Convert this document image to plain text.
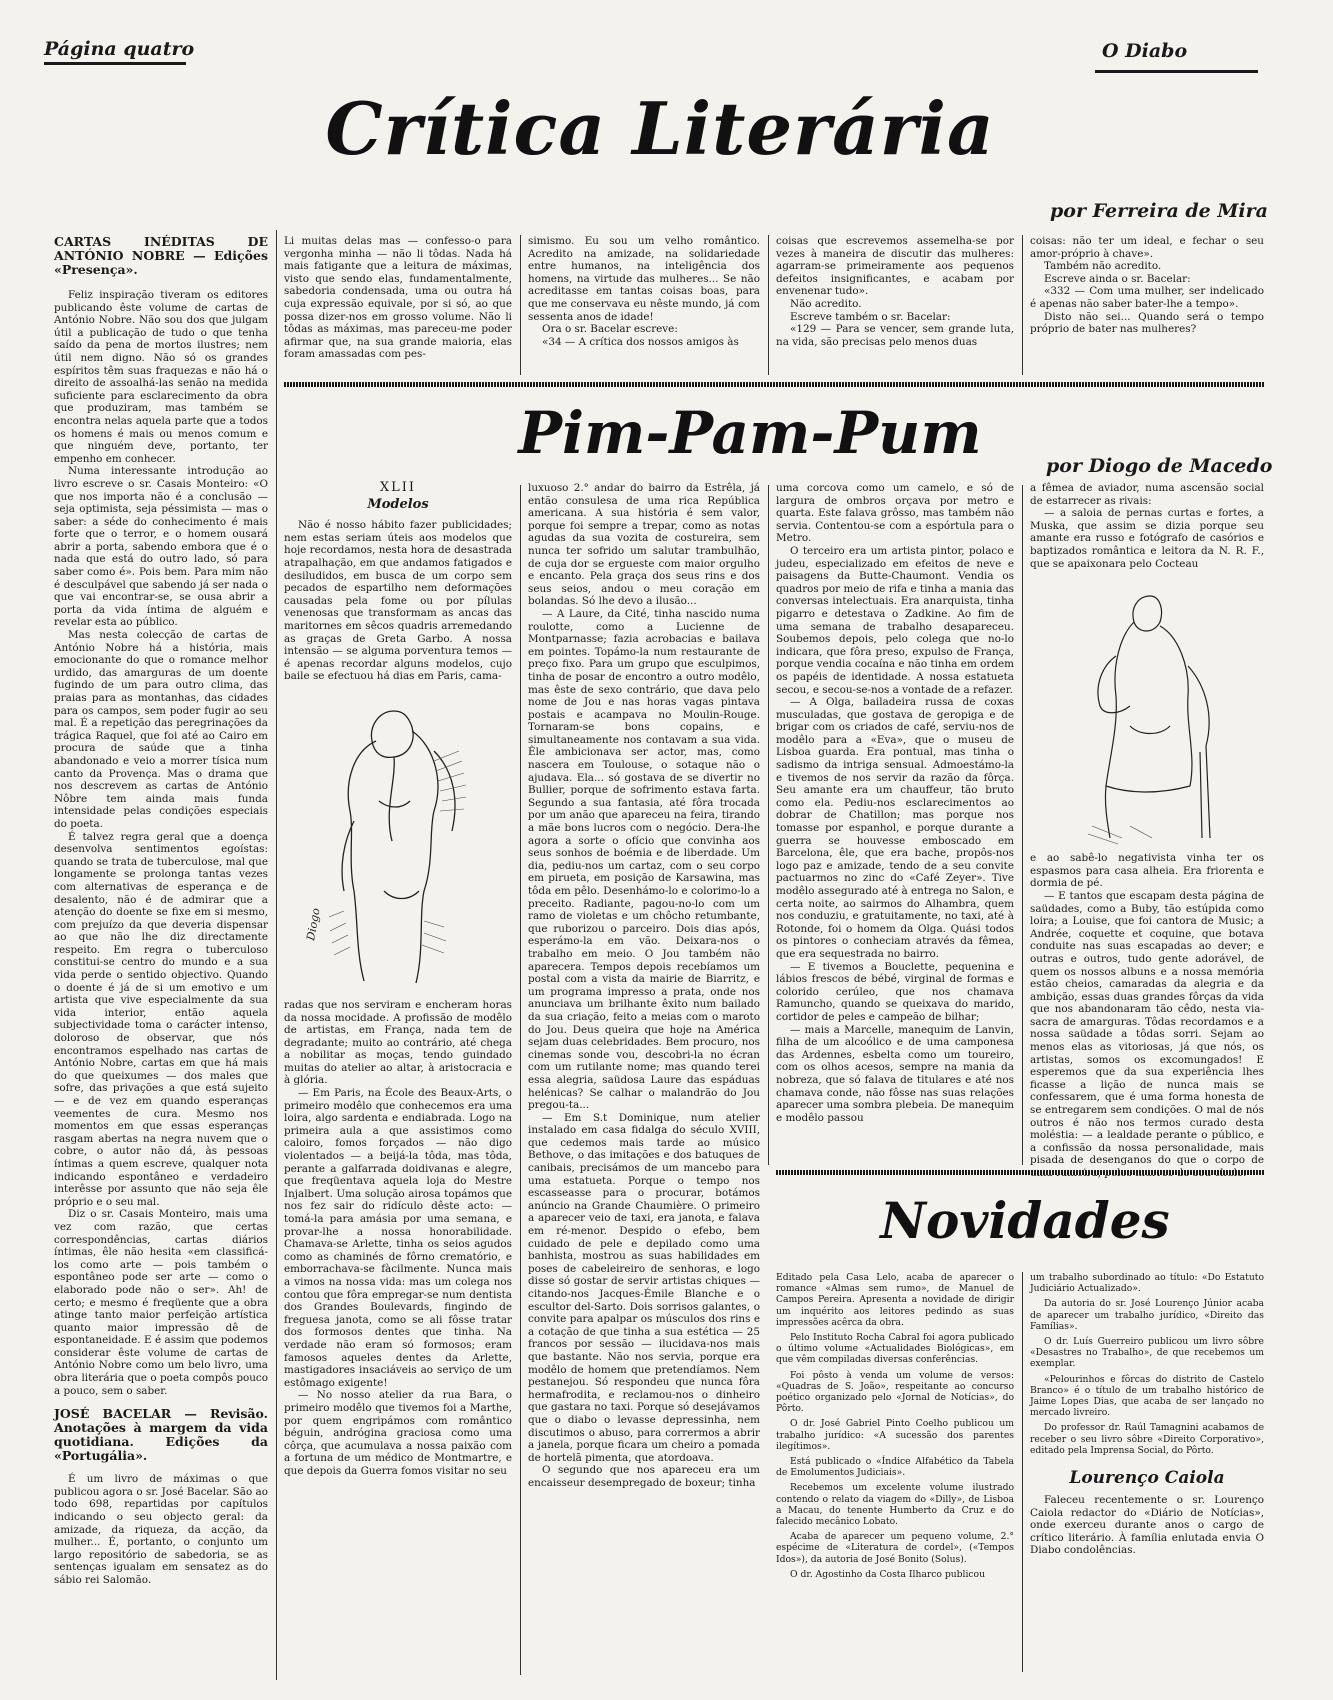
Página quatro	O Diabo
Crítica Literária
por Ferreira de Mira

CARTAS INÉDITAS DE ANTÓNIO NOBRE — Edições «Presença».

Feliz inspiração tiveram os editores publicando êste volume de cartas de António Nobre. Não sou dos que julgam útil a publicação de tudo o que tenha saído da pena de mortos ilustres; nem útil nem digno. Não só os grandes espíritos têm suas fraquezas e não há o direito de assoalhá-las senão na medida suficiente para esclarecimento da obra que produziram, mas também se encontra nelas aquela parte que a todos os homens é mais ou menos comum e que ninguém deve, portanto, ter empenho em conhecer.

Numa interessante introdução ao livro escreve o sr. Casais Monteiro: «O que nos importa não é a conclusão — seja optimista, seja péssimista — mas o saber: a séde do conhecimento é mais forte que o terror, e o homem ousará abrir a porta, sabendo embora que é o nada que está do outro lado, só para saber como é». Pois bem. Para mim não é desculpável que sabendo já ser nada o que vai encontrar-se, se ousa abrir a porta da vida íntima de alguém e revelar esta ao público.

Mas nesta colecção de cartas de António Nobre há a história, mais emocionante do que o romance melhor urdido, das amarguras de um doente fugindo de um para outro clima, das praias para as montanhas, das cidades para os campos, sem poder fugir ao seu mal. É a repetição das peregrinações da trágica Raquel, que foi até ao Cairo em procura de saúde que a tinha abandonado e veio a morrer tísica num canto da Provença. Mas o drama que nos descrevem as cartas de António Nôbre tem ainda mais funda intensidade pelas condições especiais do poeta.

É talvez regra geral que a doença desenvolva sentimentos egoístas: quando se trata de tuberculose, mal que longamente se prolonga tantas vezes com alternativas de esperança e de desalento, não é de admirar que a atenção do doente se fixe em si mesmo, com prejuízo da que deveria dispensar ao que não lhe diz directamente respeito. Em regra o tuberculoso constitui-se centro do mundo e a sua vida perde o sentido objectivo. Quando o doente é já de si um emotivo e um artista que vive especialmente da sua vida interior, então aquela subjectividade toma o carácter intenso, doloroso de observar, que nós encontramos espelhado nas cartas de António Nobre, cartas em que há mais do que queixumes — dos males que sofre, das privações a que está sujeito — e de vez em quando esperanças veementes de cura. Mesmo nos momentos em que essas esperanças rasgam abertas na negra nuvem que o cobre, o autor não dá, às pessoas íntimas a quem escreve, qualquer nota indicando espontâneo e verdadeiro interêsse por assunto que não seja êle próprio e o seu mal.

Diz o sr. Casais Monteiro, mais uma vez com razão, que certas correspondências, cartas diários íntimas, êle não hesita «em classificá-los como arte — pois também o espontâneo pode ser arte — como o elaborado pode não o ser». Ah! de certo; e mesmo é freqüente que a obra atinge tanto maior perfeição artística quanto maior impressão dê de espontaneidade. E é assim que podemos considerar êste volume de cartas de António Nobre como um belo livro, uma obra literária que o poeta compôs pouco a pouco, sem o saber.

JOSÉ BACELAR — Revisão. Anotações à margem da vida quotidiana. Edições da «Portugália».

É um livro de máximas o que publicou agora o sr. José Bacelar. São ao todo 698, repartidas por capítulos indicando o seu objecto geral: da amizade, da riqueza, da acção, da mulher... É, portanto, o conjunto um largo repositório de sabedoria, se as sentenças igualam em sensatez as do sábio rei Salomão.

Li muitas delas mas — confesso-o para vergonha minha — não li tôdas. Nada há mais fatigante que a leitura de máximas, visto que sendo elas, fundamentalmente, sabedoria condensada, uma ou outra há cuja expressão equivale, por si só, ao que possa dizer-nos em grosso volume. Não li tôdas as máximas, mas pareceu-me poder afirmar que, na sua grande maioria, elas foram amassadas com pes-

simismo. Eu sou um velho romântico. Acredito na amizade, na solidariedade entre humanos, na inteligência dos homens, na virtude das mulheres... Se não acreditasse em tantas coisas boas, para que me conservava eu nêste mundo, já com sessenta anos de idade!

Ora o sr. Bacelar escreve:

«34 — A crítica dos nossos amigos às

coisas que escrevemos assemelha-se por vezes à maneira de discutir das mulheres: agarram-se primeiramente aos pequenos defeitos insignificantes, e acabam por envenenar tudo».

Não acredito.

Escreve também o sr. Bacelar:

«129 — Para se vencer, sem grande luta, na vida, são precisas pelo menos duas

coisas: não ter um ideal, e fechar o seu amor-próprio à chave».

Também não acredito.

Escreve ainda o sr. Bacelar:

«332 — Com uma mulher, ser indelicado é apenas não saber bater-lhe a tempo».

Disto não sei... Quando será o tempo próprio de bater nas mulheres?

Pim-Pam-Pum	por Diogo de Macedo
XLII
Modelos

Não é nosso hábito fazer publicidades; nem estas seriam úteis aos modelos que hoje recordamos, nesta hora de desastrada atrapalhação, em que andamos fatigados e desiludidos, em busca de um corpo sem pecados de espartilho nem deformações causadas pela fome ou por pílulas venenosas que transformam as ancas das maritornes em sêcos quadris arremedando as graças de Greta Garbo. A nossa intensão — se alguma porventura temos — é apenas recordar alguns modelos, cujo baile se efectuou há dias em Paris, cama-

Diogo

radas que nos serviram e encheram horas da nossa mocidade. A profissão de modêlo de artistas, em França, nada tem de degradante; muito ao contrário, até chega a nobilitar as moças, tendo guindado muitas do atelier ao altar, à aristocracia e à glória.

— Em Paris, na École des Beaux-Arts, o primeiro modêlo que conhecemos era uma loira, algo sardenta e endiabrada. Logo na primeira aula a que assistimos como caloiro, fomos forçados — não digo violentados — a beijá-la tôda, mas tôda, perante a galfarrada doidivanas e alegre, que freqüentava aquela loja do Mestre Injalbert. Uma solução airosa topámos que nos fez sair do ridículo dêste acto: — tomá-la para amásia por uma semana, e provar-lhe a nossa honorabilidade. Chamava-se Arlette, tinha os seios agudos como as chaminés de fôrno crematório, e emborrachava-se fàcilmente. Nunca mais a vimos na nossa vida: mas um colega nos contou que fôra empregar-se num dentista dos Grandes Boulevards, fingindo de freguesa janota, como se ali fôsse tratar dos formosos dentes que tinha. Na verdade não eram só formosos; eram famosos aqueles dentes da Arlette, mastigadores insaciáveis ao serviço de um estômago exigente!

— No nosso atelier da rua Bara, o primeiro modêlo que tivemos foi a Marthe, por quem engripámos com romântico béguin, andrógina graciosa como uma côrça, que acumulava a nossa paixão com a fortuna de um médico de Montmartre, e que depois da Guerra fomos visitar no seu

luxuoso 2.° andar do bairro da Estrêla, já então consulesa de uma rica República americana. A sua história é sem valor, porque foi sempre a trepar, como as notas agudas da sua vozita de costureira, sem nunca ter sofrido um salutar trambulhão, de cuja dor se ergueste com maior orgulho e encanto. Pela graça dos seus rins e dos seus seios, andou o meu coração em bolandas. Só lhe devo a ilusão...

— A Laure, da Cité, tinha nascido numa roulotte, como a Lucienne de Montparnasse; fazia acrobacias e bailava em pointes. Topámo-la num restaurante de preço fixo. Para um grupo que esculpimos, tinha de posar de encontro a outro modêlo, mas êste de sexo contrário, que dava pelo nome de Jou e nas horas vagas pintava postais e acampava no Moulin-Rouge. Tornaram-se bons copains, e simultaneamente nos contavam a sua vida. Êle ambicionava ser actor, mas, como nascera em Toulouse, o sotaque não o ajudava. Ela... só gostava de se divertir no Bullier, porque de sofrimento estava farta. Segundo a sua fantasia, até fôra trocada por um anão que apareceu na feira, tirando a mãe bons lucros com o negócio. Dera-lhe agora a sorte o ofício que convinha aos seus sonhos de boémia e de liberdade. Um dia, pediu-nos um cartaz, com o seu corpo em pirueta, em posição de Karsawina, mas tôda em pêlo. Desenhámo-lo e colorimo-lo a preceito. Radiante, pagou-no-lo com um ramo de violetas e um chôcho retumbante, que ruborizou o parceiro. Dois dias após, esperámo-la em vão. Deixara-nos o trabalho em meio. O Jou também não aparecera. Tempos depois recebíamos um postal com a vista da mairie de Biarritz, e um programa impresso a prata, onde nos anunciava um brilhante êxito num bailado da sua criação, feito a meias com o maroto do Jou. Deus queira que hoje na América sejam duas celebridades. Bem procuro, nos cinemas sonde vou, descobri-la no écran com um rutilante nome; mas quando terei essa alegria, saüdosa Laure das espáduas helénicas? Se calhar o malandrão do Jou pregou-ta...

— Em S.t Dominique, num atelier instalado em casa fidalga do século XVIII, que cedemos mais tarde ao músico Bethove, o das imitações e dos batuques de canibais, precisámos de um mancebo para uma estatueta. Porque o tempo nos escasseasse para o procurar, botámos anúncio na Grande Chaumière. O primeiro a aparecer veio de taxi, era janota, e falava em ré-menor. Despido o efebo, bem cuidado de pele e depilado como uma banhista, mostrou as suas habilidades em poses de cabeleireiro de senhoras, e logo disse só gostar de servir artistas chiques — citando-nos Jacques-Émile Blanche e o escultor del-Sarto. Dois sorrisos galantes, o convite para apalpar os músculos dos rins e a cotação de que tinha a sua estética — 25 francos por sessão — ilucidava-nos mais que bastante. Não nos servia, porque era modêlo de homem que pretendíamos. Nem pestanejou. Só respondeu que nunca fôra hermafrodita, e reclamou-nos o dinheiro que gastara no taxi. Porque só desejávamos que o diabo o levasse depressinha, nem discutimos o abuso, para corrermos a abrir a janela, porque ficara um cheiro a pomada de hortelã pimenta, que atordoava.

O segundo que nos apareceu era um encaisseur desempregado de boxeur; tinha

uma corcova como um camelo, e só de largura de ombros orçava por metro e quarta. Este falava grôsso, mas também não servia. Contentou-se com a espórtula para o Metro.

O terceiro era um artista pintor, polaco e judeu, especializado em efeitos de neve e paisagens da Butte-Chaumont. Vendia os quadros por meio de rifa e tinha a mania das conversas intelectuais. Era anarquista, tinha pigarro e detestava o Zadkine. Ao fim de uma semana de trabalho desapareceu. Soubemos depois, pelo colega que no-lo indicara, que fôra preso, expulso de França, porque vendia cocaína e não tinha em ordem os papéis de identidade. A nossa estatueta secou, e secou-se-nos a vontade de a refazer.

— A Olga, bailadeira russa de coxas musculadas, que gostava de geropiga e de brigar com os criados de café, serviu-nos de modêlo para a «Eva», que o museu de Lisboa guarda. Era pontual, mas tinha o sadismo da intriga sensual. Admoestámo-la e tivemos de nos servir da razão da fôrça. Seu amante era um chauffeur, tão bruto como ela. Pediu-nos esclarecimentos ao dobrar de Chatillon; mas porque nos tomasse por espanhol, e porque durante a guerra se houvesse emboscado em Barcelona, êle, que era bache, propôs-nos logo paz e amizade, tendo de a seu convite pactuarmos no zinc do «Café Zeyer». Tive modêlo assegurado até à entrega no Salon, e certa noite, ao sairmos do Alhambra, quem nos conduziu, e gratuitamente, no taxi, até à Rotonde, foi o homem da Olga. Quási todos os pintores o conheciam através da fêmea, que era sequestrada no bairro.

— E tivemos a Bouclette, pequenina e lábios frescos de bébé, virginal de formas e colorido cerúleo, que nos chamava Ramuncho, quando se queixava do marido, cortidor de peles e campeão de bilhar;

— mais a Marcelle, manequim de Lanvin, filha de um alcoólico e de uma camponesa das Ardennes, esbelta como um toureiro, com os olhos acesos, sempre na mania da nobreza, que só falava de titulares e até nos chamava conde, não fôsse nas suas relações aparecer uma sombra plebeia. De manequim e modêlo passou

a fêmea de aviador, numa ascensão social de estarrecer as rivais:

— a saloia de pernas curtas e fortes, a Muska, que assim se dizia porque seu amante era russo e fotógrafo de casórios e baptizados romântica e leitora da N. R. F., que se apaixonara pelo Cocteau

e ao sabê-lo negativista vinha ter os espasmos para casa alheia. Era friorenta e dormia de pé.

— E tantos que escapam desta página de saüdades, como a Buby, tão estúpida como loira; a Louise, que foi cantora de Music; a Andrée, coquette et coquine, que botava conduite nas suas escapadas ao dever; e outras e outros, tudo gente adorável, de quem os nossos albuns e a nossa memória estão cheios, camaradas da alegria e da ambição, essas duas grandes fôrças da vida que nos abandonaram tão cêdo, nesta via-sacra de amarguras. Tôdas recordamos e a nossa saüdade a tôdas sorri. Sejam ao menos elas as vitoriosas, já que nós, os artistas, somos os excomungados! E esperemos que da sua experiência lhes ficasse a lição de nunca mais se confessarem, que é uma forma honesta de se entregarem sem condições. O mal de nós outros é não nos termos curado desta moléstia: — a lealdade perante o público, e a confissão da nossa personalidade, mais pisada de desenganos do que o corpo de

Novidades

Editado pela Casa Lelo, acaba de aparecer o romance «Almas sem rumo», de Manuel de Campos Pereira. Apresenta a novidade de dirigir um inquérito aos leitores pedindo as suas impressões acêrca da obra.

Pelo Instituto Rocha Cabral foi agora publicado o último volume «Actualidades Biológicas», em que vêm compiladas diversas conferências.

Foi pôsto à venda um volume de versos: «Quadras de S. João», respeitante ao concurso poético organizado pelo «Jornal de Notícias», do Pôrto.

O dr. José Gabriel Pinto Coelho publicou um trabalho jurídico: «A sucessão dos parentes ilegítimos».

Está publicado o «Índice Alfabético da Tabela de Emolumentos Judiciais».

Recebemos um excelente volume ilustrado contendo o relato da viagem do «Dilly», de Lisboa a Macau, do tenente Humberto da Cruz e do falecido mecânico Lobato.

Acaba de aparecer um pequeno volume, 2.° espécime de «Literatura de cordel», («Tempos Idos»), da autoria de José Bonito (Solus).

O dr. Agostinho da Costa Ilharco publicou

um trabalho subordinado ao título: «Do Estatuto Judiciário Actualizado».

Da autoria do sr. José Lourenço Júnior acaba de aparecer um trabalho jurídico, «Direito das Famílias».

O dr. Luís Guerreiro publicou um livro sôbre «Desastres no Trabalho», de que recebemos um exemplar.

«Pelourinhos e fôrcas do distrito de Castelo Branco» é o título de um trabalho histórico de Jaime Lopes Dias, que acaba de ser lançado no mercado livreiro.

Do professor dr. Raúl Tamagnini acabamos de receber o seu livro sôbre «Direito Corporativo», editado pela Imprensa Social, do Pôrto.

Lourenço Caiola

Faleceu recentemente o sr. Lourenço Caiola redactor do «Diário de Notícias», onde exerceu durante anos o cargo de crítico literário. À família enlutada envia O Diabo condolências.
